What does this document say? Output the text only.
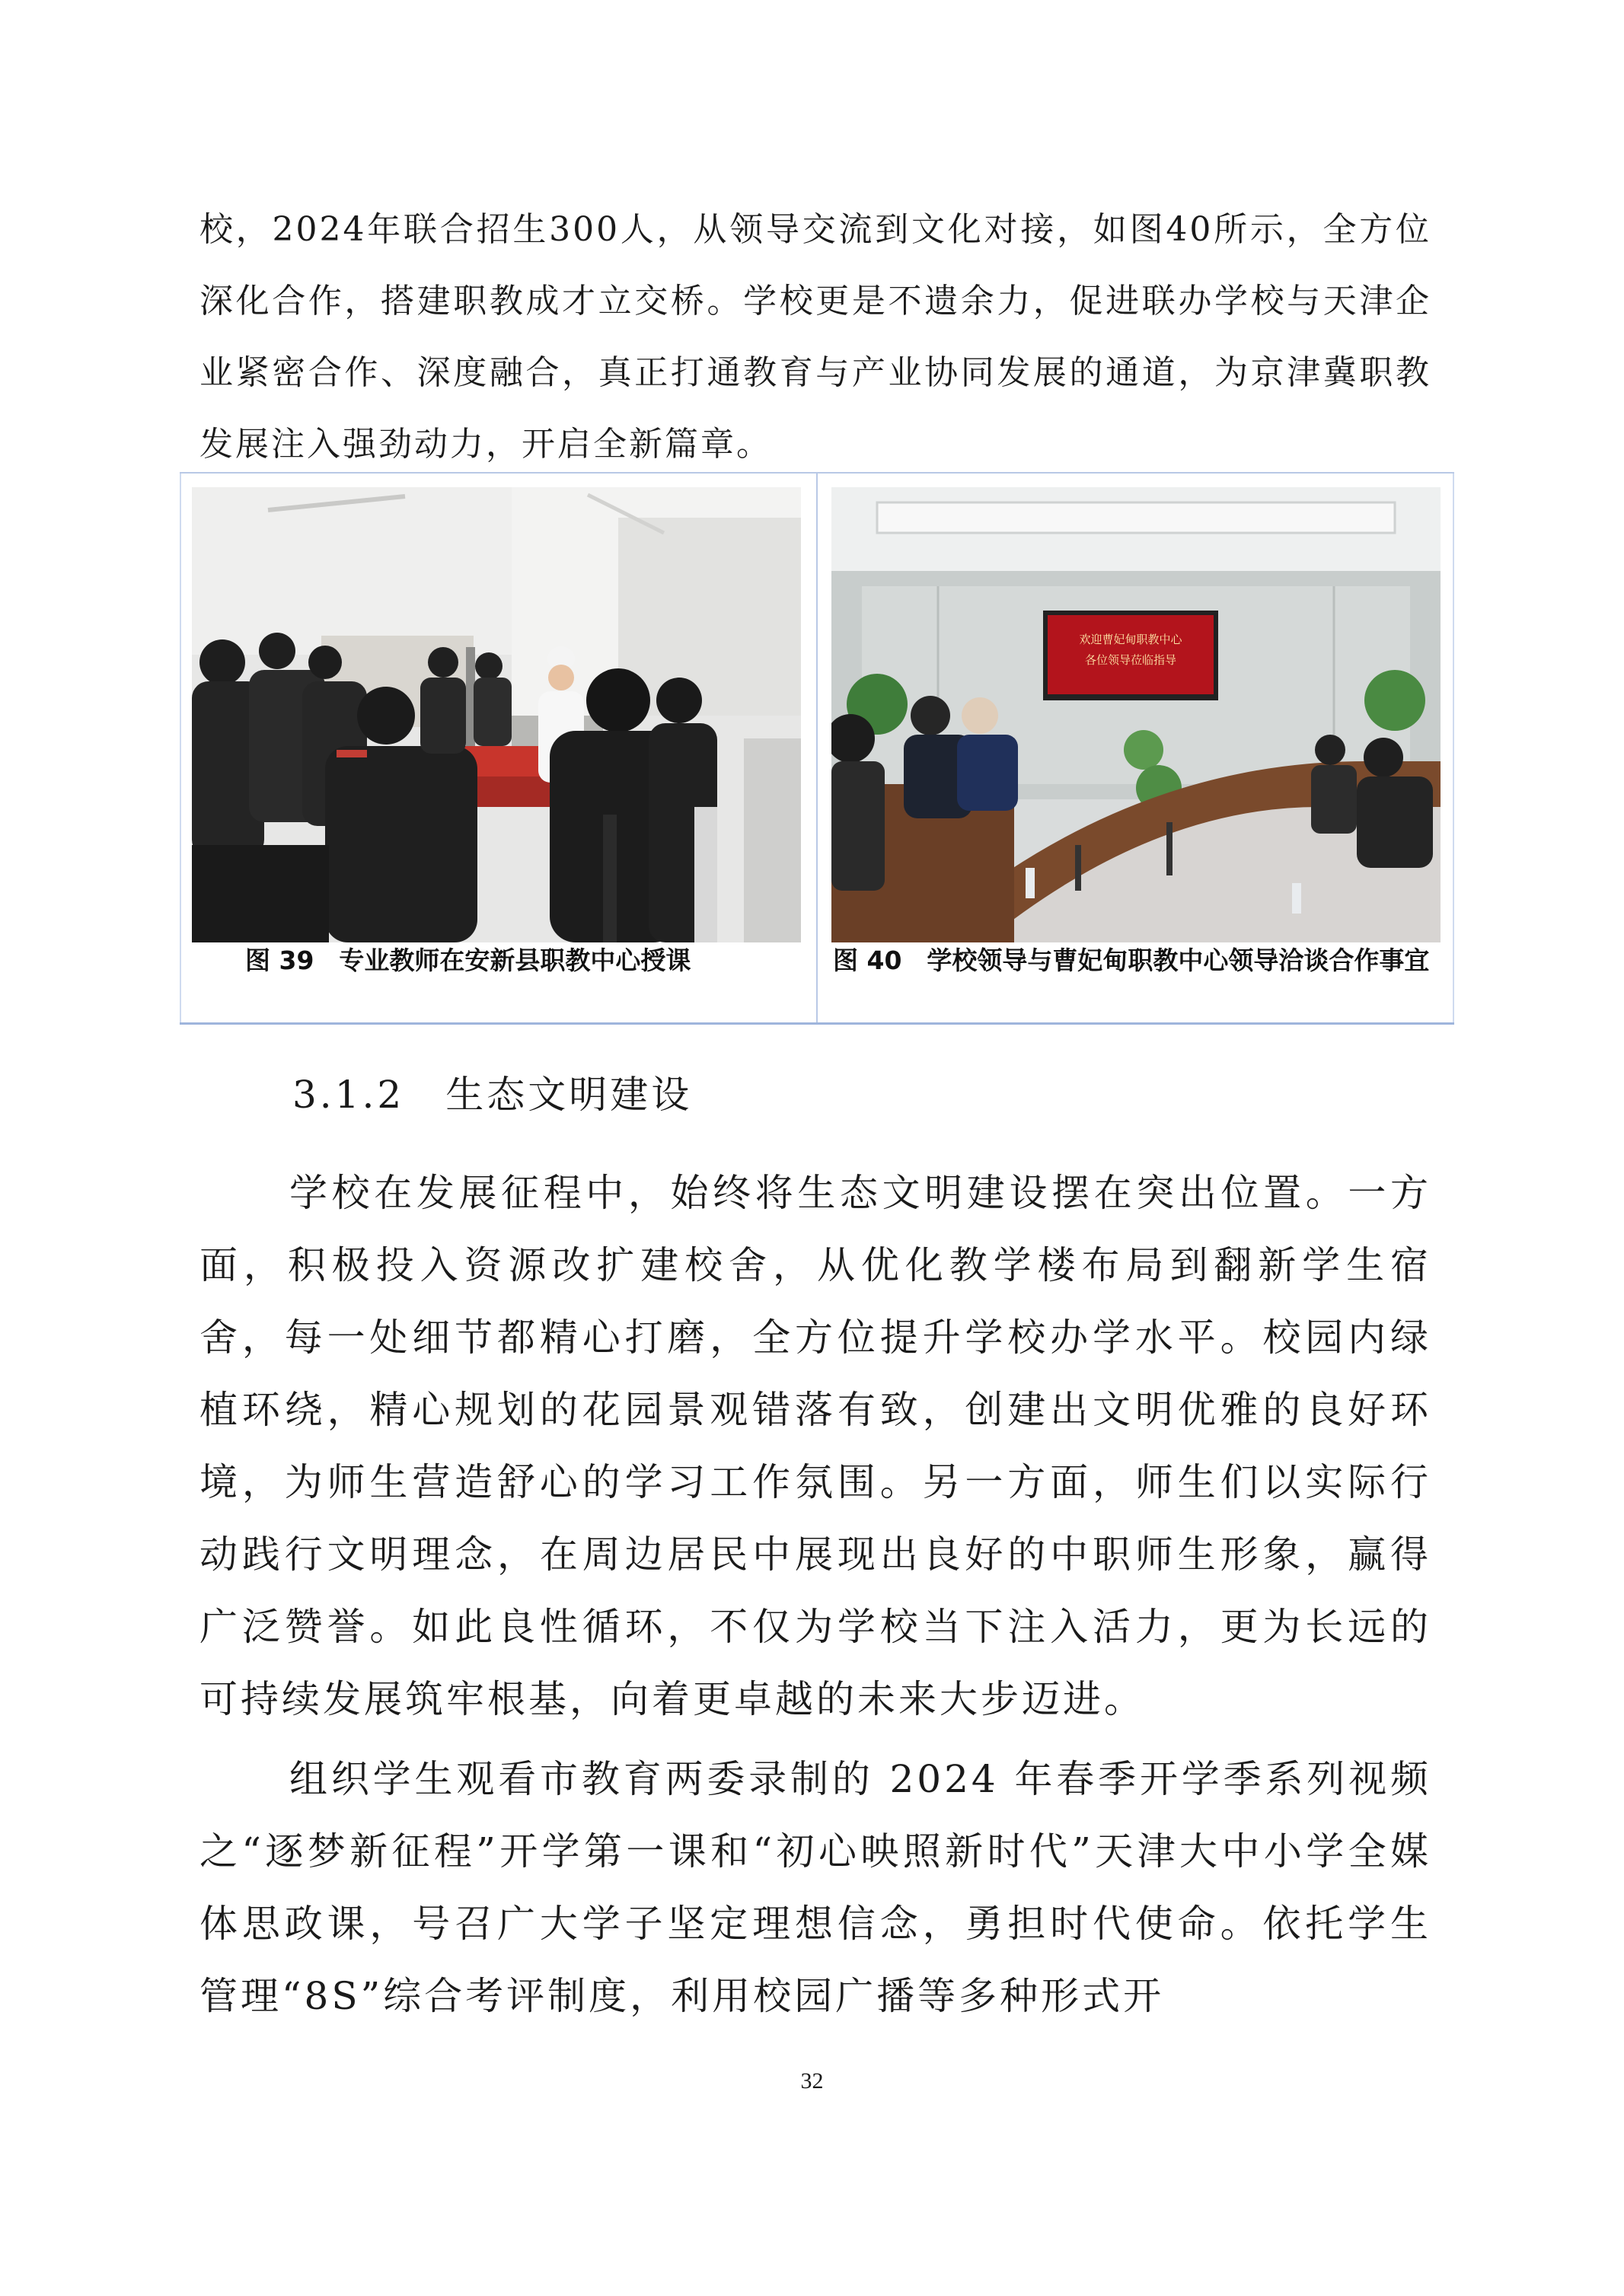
校，2024年联合招生300人，从领导交流到文化对接，如图40所示，全方位深化合作，搭建职教成才立交桥。学校更是不遗余力，促进联办学校与天津企业紧密合作、深度融合，真正打通教育与产业协同发展的通道，为京津冀职教发展注入强劲动力，开启全新篇章。

欢迎曹妃甸职教中心
各位领导莅临指导
图 39　专业教师在安新县职教中心授课	图 40　学校领导与曹妃甸职教中心领导洽谈合作事宜
3.1.2　生态文明建设

学校在发展征程中，始终将生态文明建设摆在突出位置。一方面，积极投入资源改扩建校舍，从优化教学楼布局到翻新学生宿舍，每一处细节都精心打磨，全方位提升学校办学水平。校园内绿植环绕，精心规划的花园景观错落有致，创建出文明优雅的良好环境，为师生营造舒心的学习工作氛围。另一方面，师生们以实际行动践行文明理念，在周边居民中展现出良好的中职师生形象，赢得广泛赞誉。如此良性循环，不仅为学校当下注入活力，更为长远的可持续发展筑牢根基，向着更卓越的未来大步迈进。

组织学生观看市教育两委录制的 2024 年春季开学季系列视频之“逐梦新征程”开学第一课和“初心映照新时代”天津大中小学全媒体思政课，号召广大学子坚定理想信念，勇担时代使命。依托学生管理“8S”综合考评制度，利用校园广播等多种形式开

32
